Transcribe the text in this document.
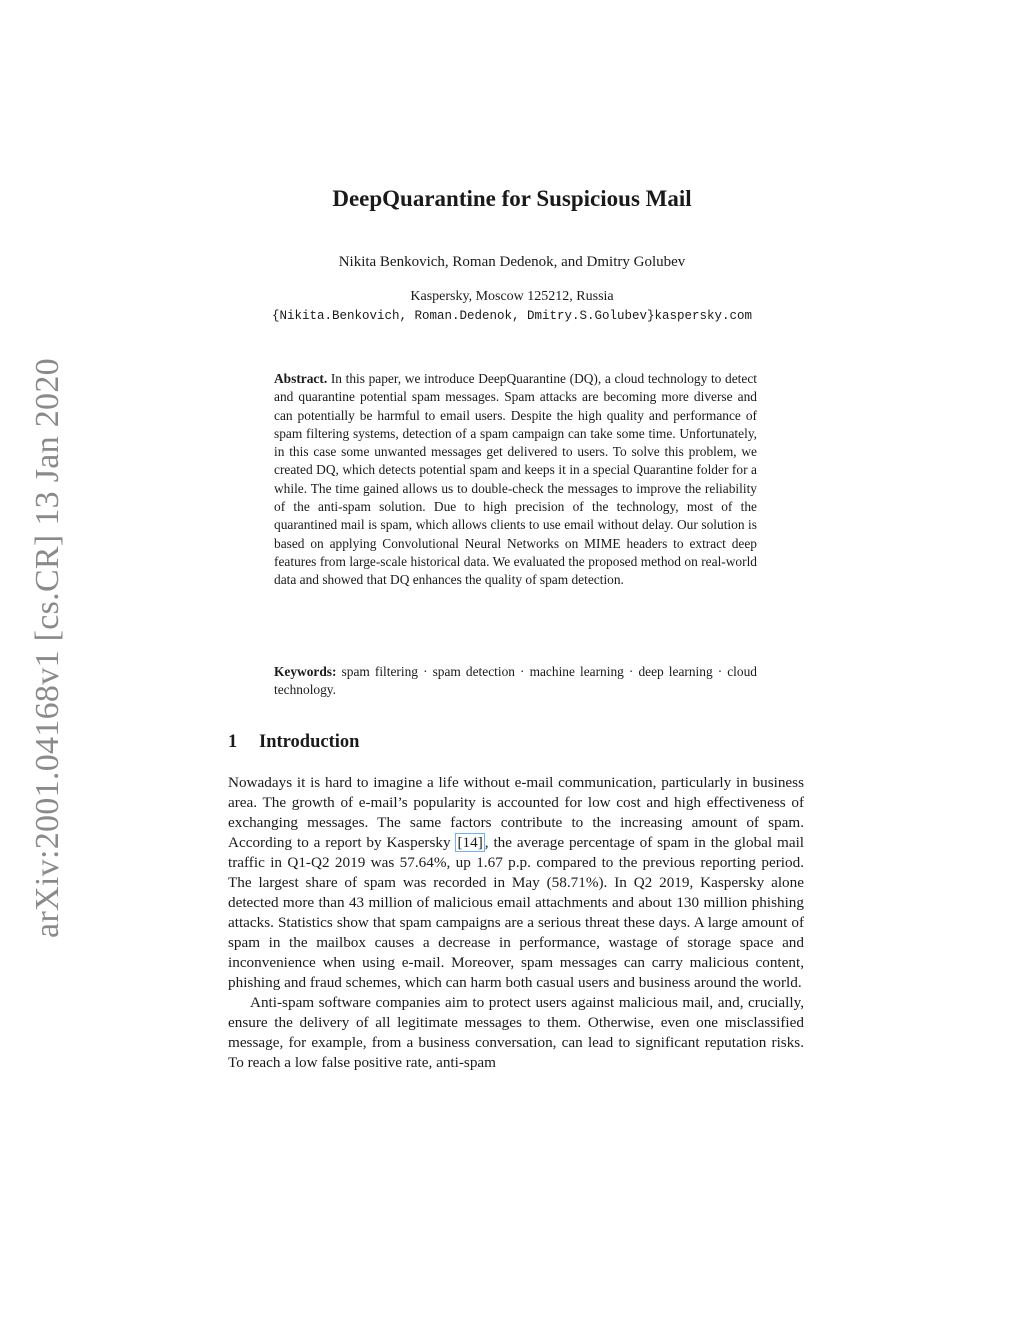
arXiv:2001.04168v1 [cs.CR] 13 Jan 2020
DeepQuarantine for Suspicious Mail
Nikita Benkovich, Roman Dedenok, and Dmitry Golubev
Kaspersky, Moscow 125212, Russia
{Nikita.Benkovich, Roman.Dedenok, Dmitry.S.Golubev}kaspersky.com
Abstract. In this paper, we introduce DeepQuarantine (DQ), a cloud technology to detect and quarantine potential spam messages. Spam attacks are becoming more diverse and can potentially be harmful to email users. Despite the high quality and performance of spam filtering systems, detection of a spam campaign can take some time. Unfortunately, in this case some unwanted messages get delivered to users. To solve this problem, we created DQ, which detects potential spam and keeps it in a special Quarantine folder for a while. The time gained allows us to double-check the messages to improve the reliability of the anti-spam solution. Due to high precision of the technology, most of the quarantined mail is spam, which allows clients to use email without delay. Our solution is based on applying Convolutional Neural Networks on MIME headers to extract deep features from large-scale historical data. We evaluated the proposed method on real-world data and showed that DQ enhances the quality of spam detection.
Keywords: spam filtering · spam detection · machine learning · deep learning · cloud technology.
1 Introduction

Nowadays it is hard to imagine a life without e-mail communication, particularly in business area. The growth of e-mail’s popularity is accounted for low cost and high effectiveness of exchanging messages. The same factors contribute to the increasing amount of spam. According to a report by Kaspersky [14] , the average percentage of spam in the global mail traffic in Q1-Q2 2019 was 57.64%, up 1.67 p.p. compared to the previous reporting period. The largest share of spam was recorded in May (58.71%). In Q2 2019, Kaspersky alone detected more than 43 million of malicious email attachments and about 130 million phishing attacks. Statistics show that spam campaigns are a serious threat these days. A large amount of spam in the mailbox causes a decrease in performance, wastage of storage space and inconvenience when using e-mail. Moreover, spam messages can carry malicious content, phishing and fraud schemes, which can harm both casual users and business around the world.

Anti-spam software companies aim to protect users against malicious mail, and, crucially, ensure the delivery of all legitimate messages to them. Otherwise, even one misclassified message, for example, from a business conversation, can lead to significant reputation risks. To reach a low false positive rate, anti-spam
